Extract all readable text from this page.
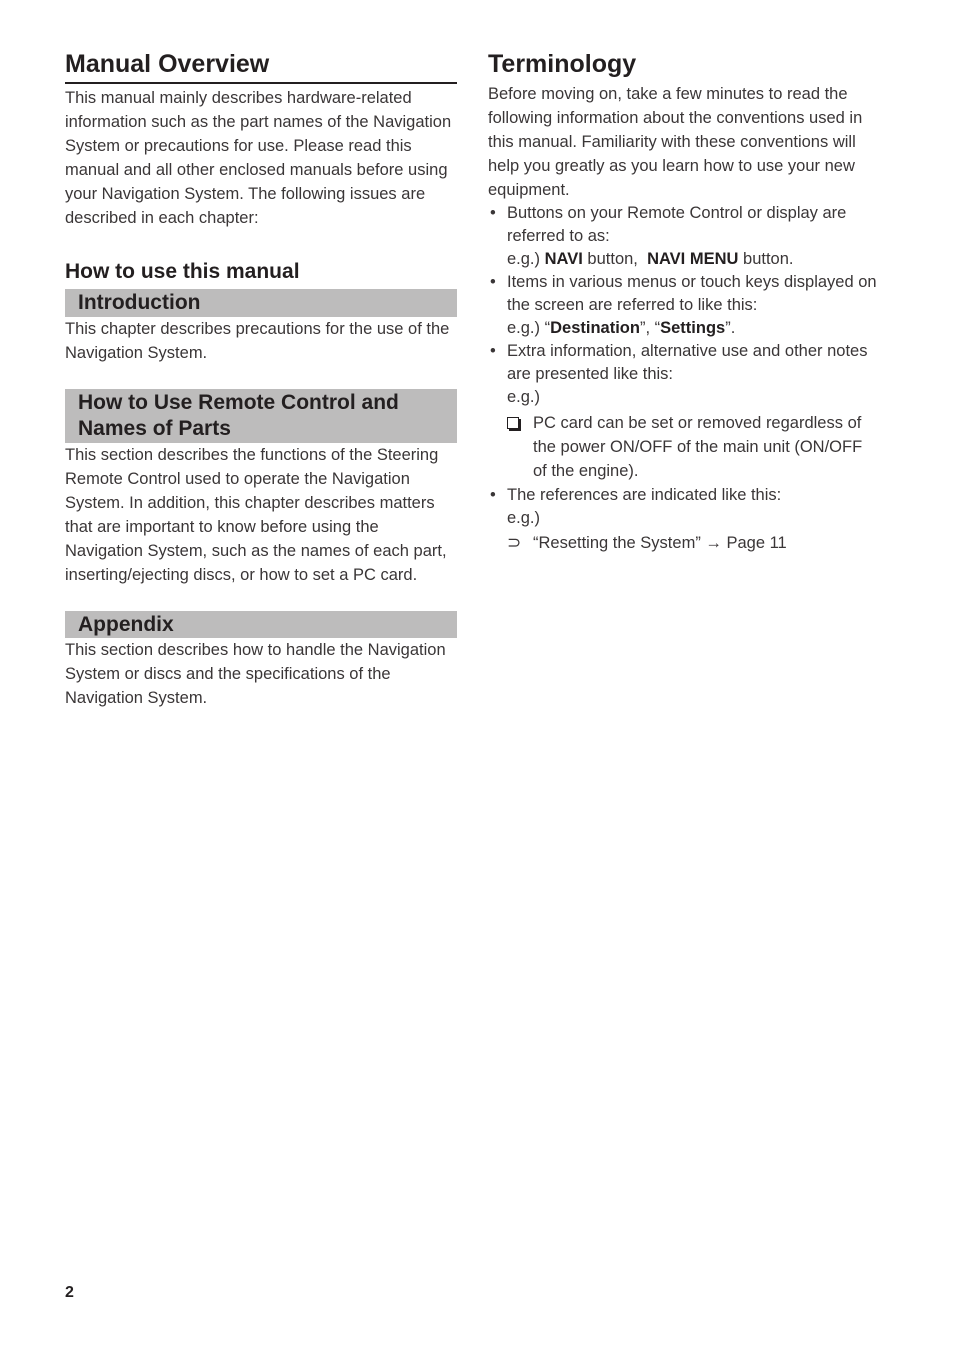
Manual Overview

This manual mainly describes hardware-related information such as the part names of the Navigation System or precautions for use. Please read this manual and all other enclosed manuals before using your Navigation System. The following issues are described in each chapter:

How to use this manual
Introduction

This chapter describes precautions for the use of the Navigation System.

How to Use Remote Control and Names of Parts

This section describes the functions of the Steering Remote Control used to operate the Navigation System. In addition, this chapter describes matters that are important to know before using the Navigation System, such as the names of each part, inserting/ejecting discs, or how to set a PC card.

Appendix

This section describes how to handle the Navigation System or discs and the specifications of the Navigation System.

Terminology

Before moving on, take a few minutes to read the following information about the conventions used in this manual. Familiarity with these conventions will help you greatly as you learn how to use your new equipment.

• Buttons on your Remote Control or display are referred to as:
e.g.) NAVI button, NAVI MENU button.
• Items in various menus or touch keys displayed on the screen are referred to like this:
e.g.) “Destination”, “Settings”.
• Extra information, alternative use and other notes are presented like this:
e.g.)
PC card can be set or removed regardless of the power ON/OFF of the main unit (ON/OFF of the engine).
• The references are indicated like this:
e.g.)
⊃ “Resetting the System” → Page 11
2
